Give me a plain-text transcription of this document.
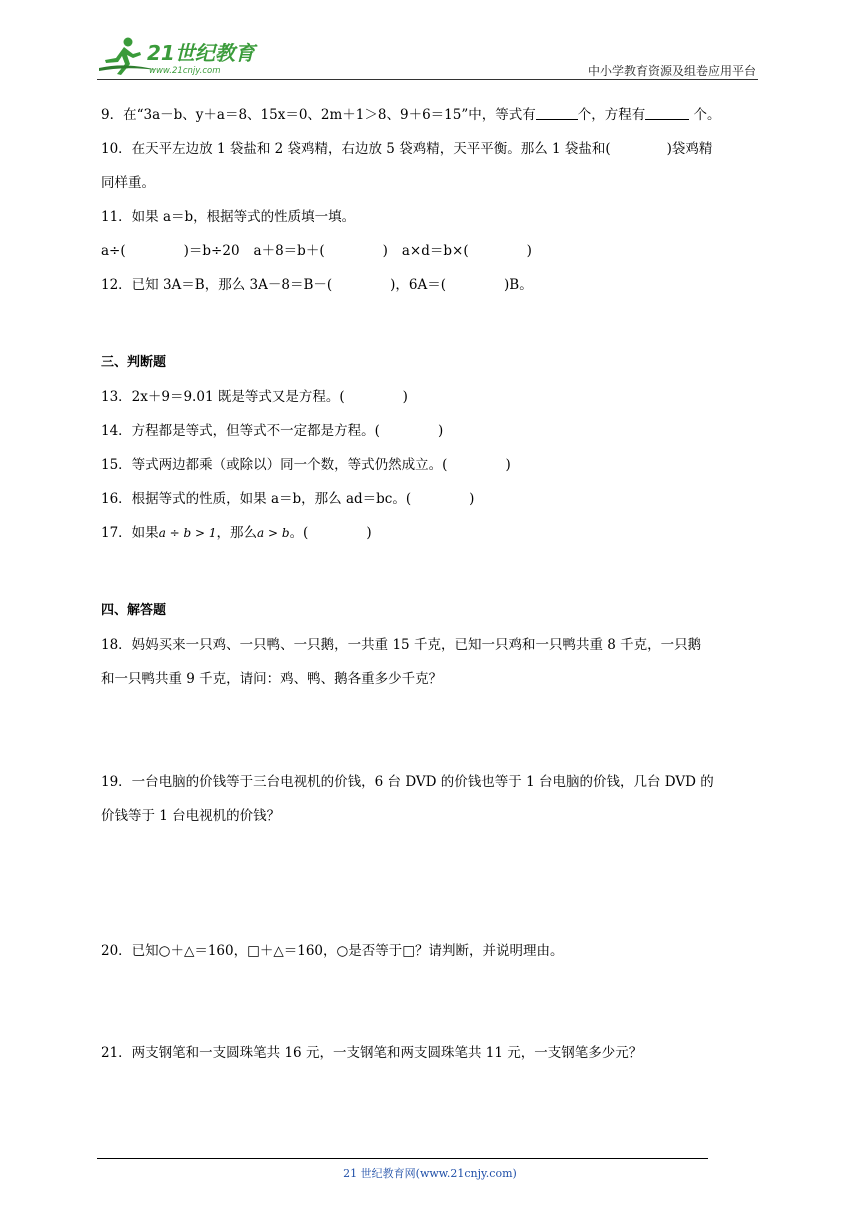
21世纪教育
www.21cnjy.com	中小学教育资源及组卷应用平台
9．在“3a－b、y＋a＝8、15x＝0、2m＋1＞8、9＋6＝15”中，等式有	个，方程有	个。
10．在天平左边放 1 袋盐和 2 袋鸡精，右边放 5 袋鸡精，天平平衡。那么 1 袋盐和(	)袋鸡精
同样重。
11．如果 a＝b，根据等式的性质填一填。
a÷(	)＝b÷20 a＋8＝b＋(	) a×d＝b×(	)
12．已知 3A＝B，那么 3A－8＝B－(	)，6A＝(	)B。
三、判断题
13．2x＋9＝9.01 既是等式又是方程。(	)
14．方程都是等式，但等式不一定都是方程。(	)
15．等式两边都乘（或除以）同一个数，等式仍然成立。(	)
16．根据等式的性质，如果 a＝b，那么 ad＝bc。(	)
17．如果a ÷ b > 1，那么a > b。(	)
四、解答题
18．妈妈买来一只鸡、一只鸭、一只鹅，一共重 15 千克，已知一只鸡和一只鸭共重 8 千克，一只鹅
和一只鸭共重 9 千克，请问：鸡、鸭、鹅各重多少千克？
19．一台电脑的价钱等于三台电视机的价钱，6 台 DVD 的价钱也等于 1 台电脑的价钱，几台 DVD 的
价钱等于 1 台电视机的价钱？
20．已知○＋△＝160，□＋△＝160，○是否等于□？请判断，并说明理由。
21．两支钢笔和一支圆珠笔共 16 元，一支钢笔和两支圆珠笔共 11 元，一支钢笔多少元？
21 世纪教育网(www.21cnjy.com)
